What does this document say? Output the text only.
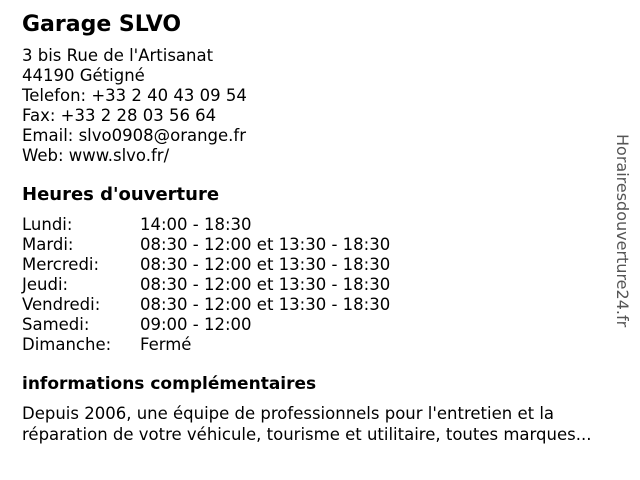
Garage SLVO
3 bis Rue de l'Artisanat
44190 Gétigné
Telefon: +33 2 40 43 09 54
Fax: +33 2 28 03 56 64
Email: slvo0908@orange.fr
Web: www.slvo.fr/
Heures d'ouverture
Lundi:	14:00 - 18:30
Mardi:	08:30 - 12:00 et 13:30 - 18:30
Mercredi:	08:30 - 12:00 et 13:30 - 18:30
Jeudi:	08:30 - 12:00 et 13:30 - 18:30
Vendredi:	08:30 - 12:00 et 13:30 - 18:30
Samedi:	09:00 - 12:00
Dimanche:	Fermé
informations complémentaires

Depuis 2006, une équipe de professionnels pour l'entretien et la réparation de votre véhicule, tourisme et utilitaire, toutes marques...

Horairesdouverture24.fr
